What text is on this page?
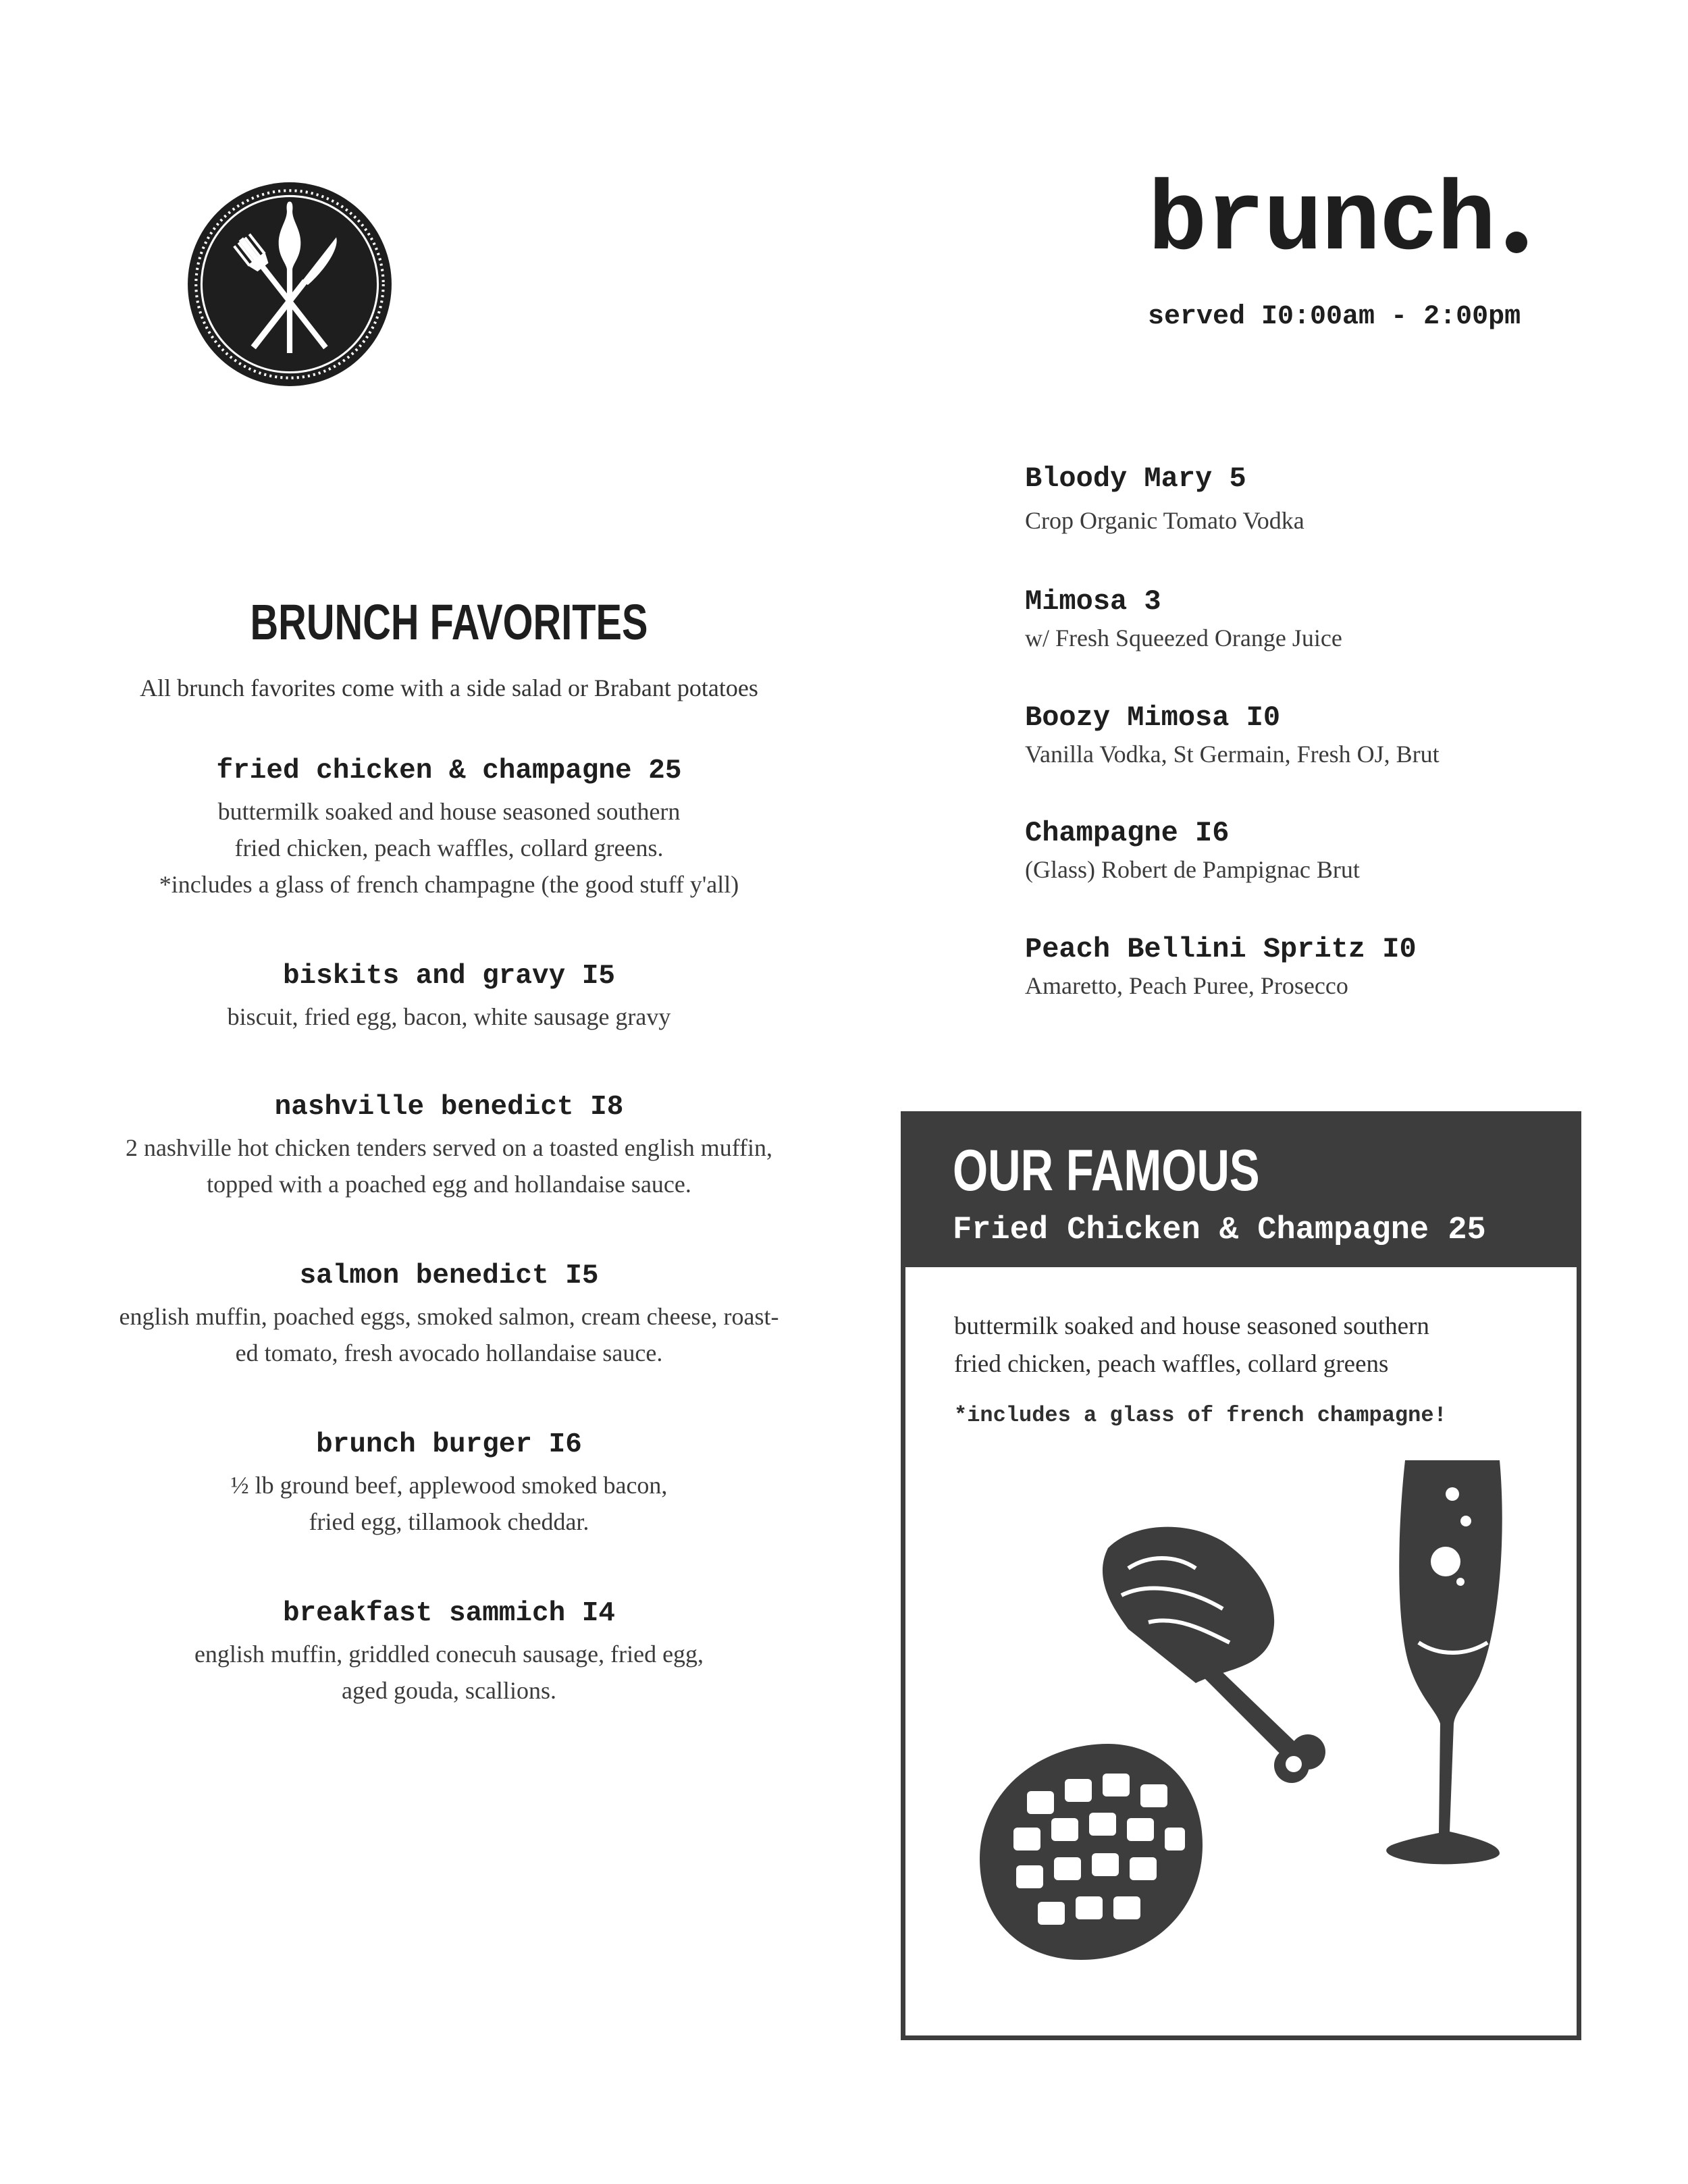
brunch
served I0:00am - 2:00pm
BRUNCH FAVORITES
All brunch favorites come with a side salad or Brabant potatoes
fried chicken & champagne 25
buttermilk soaked and house seasoned southern
fried chicken, peach waffles, collard greens.
*includes a glass of french champagne (the good stuff y'all)
biskits and gravy I5
biscuit, fried egg, bacon, white sausage gravy
nashville benedict I8
2 nashville hot chicken tenders served on a toasted english muffin,
topped with a poached egg and hollandaise sauce.
salmon benedict I5
english muffin, poached eggs, smoked salmon, cream cheese, roast-
ed tomato, fresh avocado hollandaise sauce.
brunch burger I6
½ lb ground beef, applewood smoked bacon,
fried egg, tillamook cheddar.
breakfast sammich I4
english muffin, griddled conecuh sausage, fried egg,
aged gouda, scallions.
Bloody Mary 5
Crop Organic Tomato Vodka
Mimosa 3
w/ Fresh Squeezed Orange Juice
Boozy Mimosa I0
Vanilla Vodka, St Germain, Fresh OJ, Brut
Champagne I6
(Glass) Robert de Pampignac Brut
Peach Bellini Spritz I0
Amaretto, Peach Puree, Prosecco
OUR FAMOUS
Fried Chicken & Champagne 25
buttermilk soaked and house seasoned southern
fried chicken, peach waffles, collard greens
*includes a glass of french champagne!
